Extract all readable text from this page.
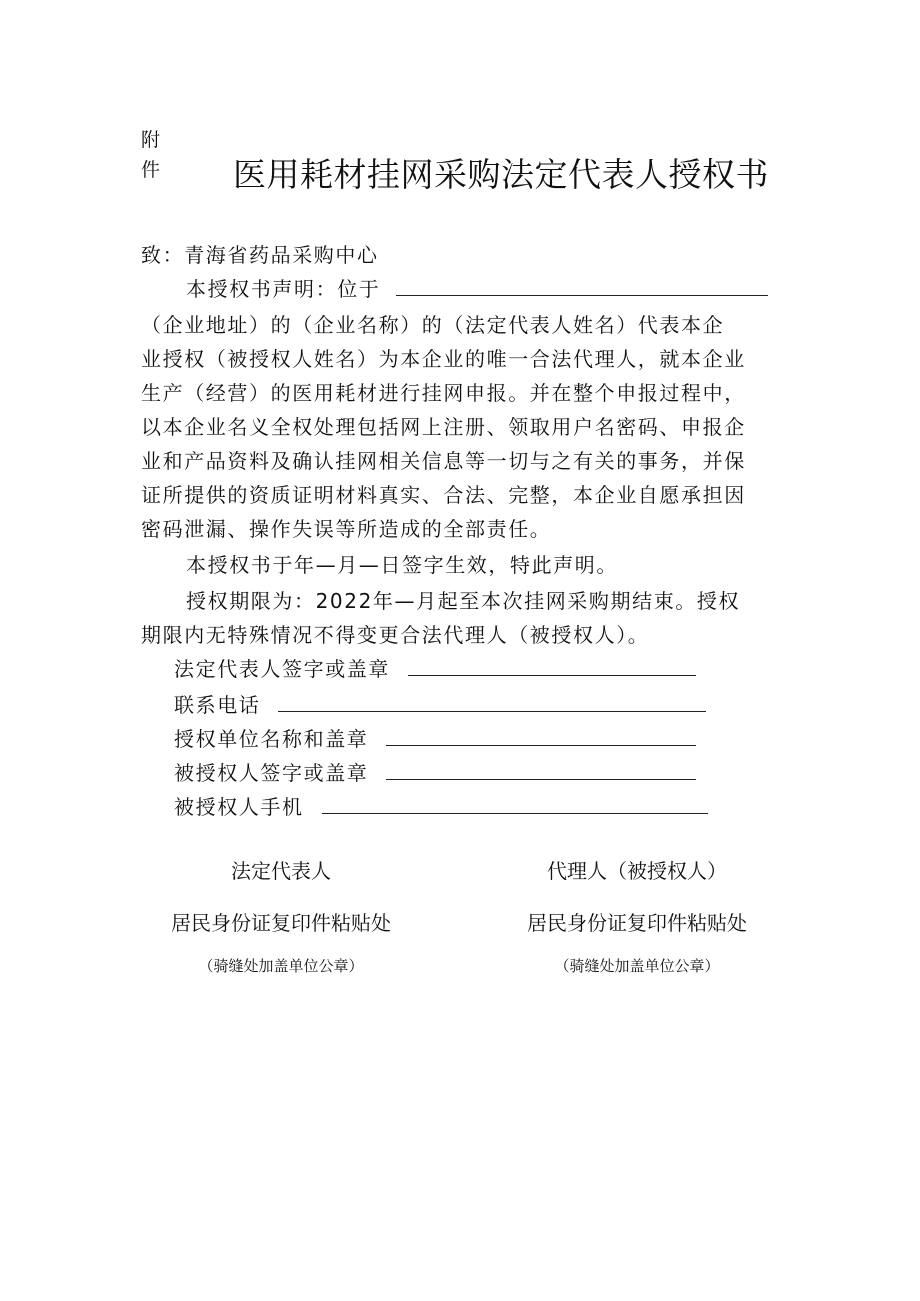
附
件 医用耗材挂网采购法定代表人授权书
致：青海省药品采购中心
本授权书声明：位于
（企业地址）的（企业名称）的（法定代表人姓名）代表本企
业授权（被授权人姓名）为本企业的唯一合法代理人，就本企业
生产（经营）的医用耗材进行挂网申报。并在整个申报过程中，
以本企业名义全权处理包括网上注册、领取用户名密码、申报企
业和产品资料及确认挂网相关信息等一切与之有关的事务，并保
证所提供的资质证明材料真实、合法、完整，本企业自愿承担因
密码泄漏、操作失误等所造成的全部责任。
本授权书于年—月—日签字生效，特此声明。
授权期限为：2022年—月起至本次挂网采购期结束。授权
期限内无特殊情况不得变更合法代理人（被授权人）。
法定代表人签字或盖章
联系电话
授权单位名称和盖章
被授权人签字或盖章
被授权人手机
法定代表人
居民身份证复印件粘贴处
（骑缝处加盖单位公章）
代理人（被授权人）
居民身份证复印件粘贴处
（骑缝处加盖单位公章）
